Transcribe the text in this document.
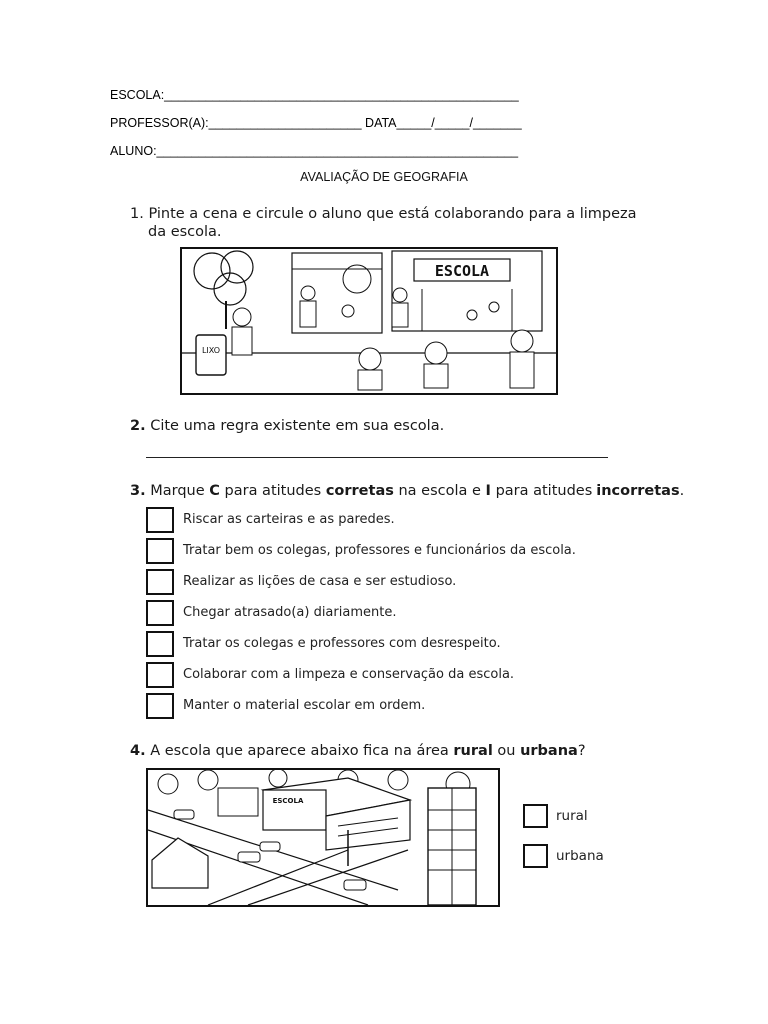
ESCOLA:___________________________________________________
PROFESSOR(A):______________________ DATA_____/_____/_______
ALUNO:____________________________________________________
AVALIAÇÃO DE GEOGRAFIA
1. Pinte a cena e circule o aluno que está colaborando para a limpeza
da escola.
ESCOLA
LIXO
2. Cite uma regra existente em sua escola.
3. Marque C para atitudes corretas na escola e I para atitudes incorretas.
Riscar as carteiras e as paredes.
Tratar bem os colegas, professores e funcionários da escola.
Realizar as lições de casa e ser estudioso.
Chegar atrasado(a) diariamente.
Tratar os colegas e professores com desrespeito.
Colaborar com a limpeza e conservação da escola.
Manter o material escolar em ordem.
4. A escola que aparece abaixo fica na área rural ou urbana?
ESCOLA
rural
urbana
